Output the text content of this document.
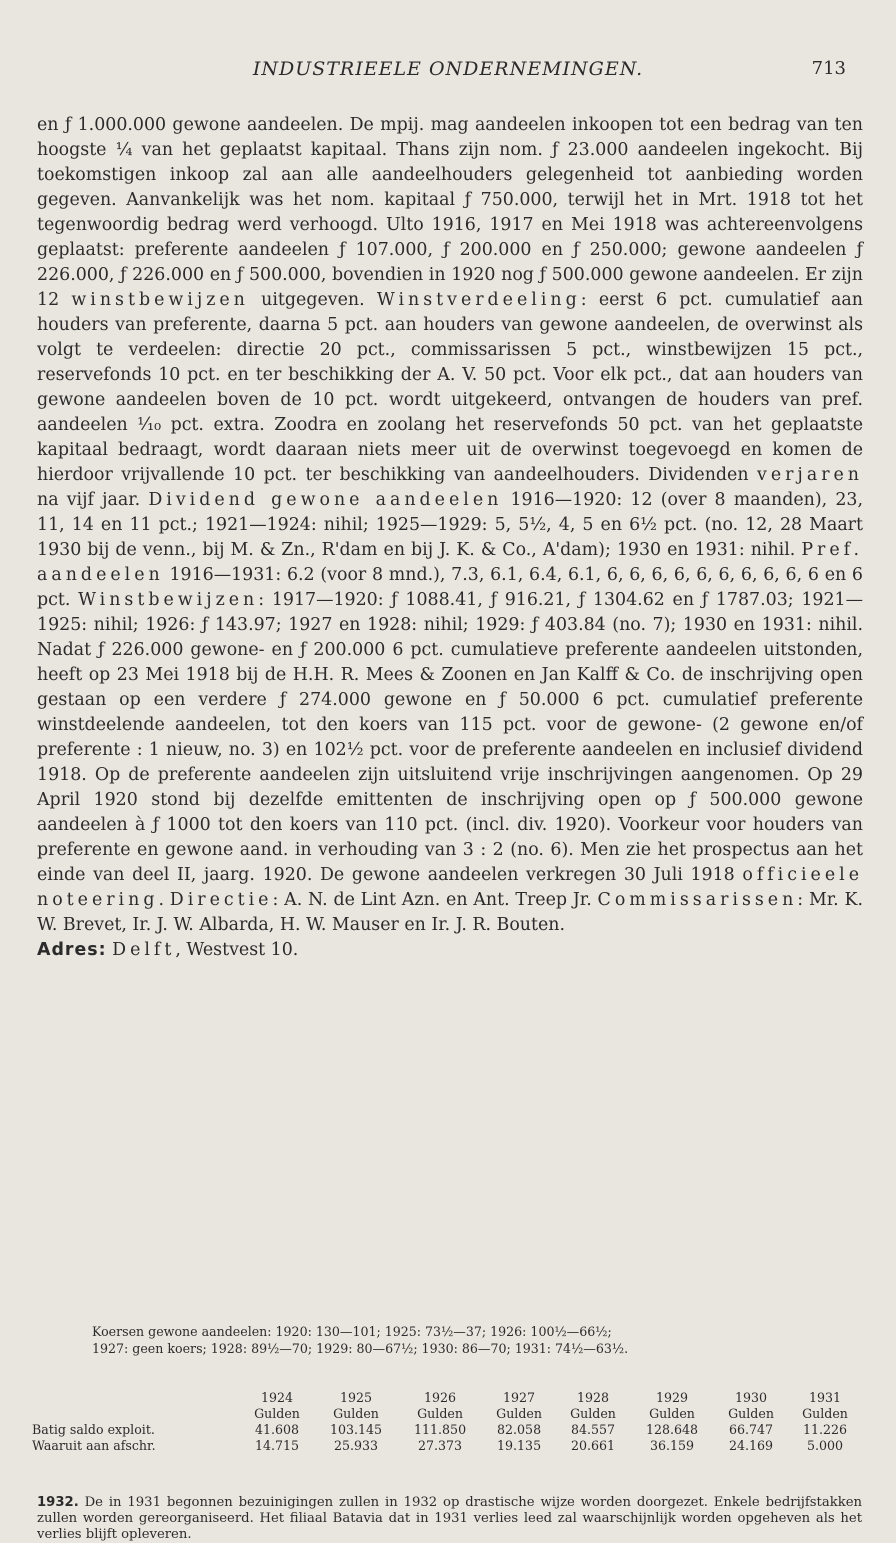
INDUSTRIEELE ONDERNEMINGEN.	713

en ƒ 1.000.000 gewone aandeelen. De mpij. mag aandeelen inkoopen tot een bedrag van ten hoogste ¼ van het geplaatst kapitaal. Thans zijn nom. ƒ 23.000 aandeelen ingekocht. Bij toekomstigen inkoop zal aan alle aandeelhouders gelegenheid tot aanbieding worden gegeven. Aanvankelijk was het nom. kapitaal ƒ 750.000, terwijl het in Mrt. 1918 tot het tegenwoordig bedrag werd verhoogd. Ulto 1916, 1917 en Mei 1918 was achtereenvolgens geplaatst: preferente aandeelen ƒ 107.000, ƒ 200.000 en ƒ 250.000; gewone aandeelen ƒ 226.000, ƒ 226.000 en ƒ 500.000, bovendien in 1920 nog ƒ 500.000 gewone aandeelen. Er zijn 12 winstbewijzen uitgegeven. Winstverdeeling: eerst 6 pct. cumulatief aan houders van preferente, daarna 5 pct. aan houders van gewone aandeelen, de overwinst als volgt te verdeelen: directie 20 pct., commissarissen 5 pct., winstbewijzen 15 pct., reservefonds 10 pct. en ter beschikking der A. V. 50 pct. Voor elk pct., dat aan houders van gewone aandeelen boven de 10 pct. wordt uitgekeerd, ontvangen de houders van pref. aandeelen ¹⁄₁₀ pct. extra. Zoodra en zoolang het reservefonds 50 pct. van het geplaatste kapitaal bedraagt, wordt daaraan niets meer uit de overwinst toegevoegd en komen de hierdoor vrijvallende 10 pct. ter beschikking van aandeelhouders. Dividenden verjaren na vijf jaar. Dividend gewone aandeelen 1916—1920: 12 (over 8 maanden), 23, 11, 14 en 11 pct.; 1921—1924: nihil; 1925—1929: 5, 5½, 4, 5 en 6½ pct. (no. 12, 28 Maart 1930 bij de venn., bij M. & Zn., R'dam en bij J. K. & Co., A'dam); 1930 en 1931: nihil. Pref. aandeelen 1916—1931: 6.2 (voor 8 mnd.), 7.3, 6.1, 6.4, 6.1, 6, 6, 6, 6, 6, 6, 6, 6, 6, 6 en 6 pct. Winstbewijzen: 1917—1920: ƒ 1088.41, ƒ 916.21, ƒ 1304.62 en ƒ 1787.03; 1921—1925: nihil; 1926: ƒ 143.97; 1927 en 1928: nihil; 1929: ƒ 403.84 (no. 7); 1930 en 1931: nihil. Nadat ƒ 226.000 gewone- en ƒ 200.000 6 pct. cumulatieve preferente aandeelen uitstonden, heeft op 23 Mei 1918 bij de H.H. R. Mees & Zoonen en Jan Kalff & Co. de inschrijving open gestaan op een verdere ƒ 274.000 gewone en ƒ 50.000 6 pct. cumulatief preferente winstdeelende aandeelen, tot den koers van 115 pct. voor de gewone- (2 gewone en/of preferente : 1 nieuw, no. 3) en 102½ pct. voor de preferente aandeelen en inclusief dividend 1918. Op de preferente aandeelen zijn uitsluitend vrije inschrijvingen aangenomen. Op 29 April 1920 stond bij dezelfde emittenten de inschrijving open op ƒ 500.000 gewone aandeelen à ƒ 1000 tot den koers van 110 pct. (incl. div. 1920). Voorkeur voor houders van preferente en gewone aand. in verhouding van 3 : 2 (no. 6). Men zie het prospectus aan het einde van deel II, jaarg. 1920. De gewone aandeelen verkregen 30 Juli 1918 officieele noteering. Directie: A. N. de Lint Azn. en Ant. Treep Jr. Commissarissen: Mr. K. W. Brevet, Ir. J. W. Albarda, H. W. Mauser en Ir. J. R. Bouten.

Adres: Delft, Westvest 10.

Koersen gewone aandeelen: 1920: 130—101; 1925: 73½—37; 1926: 100½—66½;

1927: geen koers; 1928: 89½—70; 1929: 80—67½; 1930: 86—70; 1931: 74½—63½.

	1924	1925	1926	1927	1928	1929	1930	1931
	Gulden	Gulden	Gulden	Gulden	Gulden	Gulden	Gulden	Gulden
Batig saldo exploit.	41.608	103.145	111.850	82.058	84.557	128.648	66.747	11.226
Waaruit aan afschr.	14.715	25.933	27.373	19.135	20.661	36.159	24.169	5.000

1932. De in 1931 begonnen bezuinigingen zullen in 1932 op drastische wijze worden doorgezet. Enkele bedrijfstakken zullen worden gereorganiseerd. Het filiaal Batavia dat in 1931 verlies leed zal waarschijnlijk worden opgeheven als het verlies blijft opleveren.
